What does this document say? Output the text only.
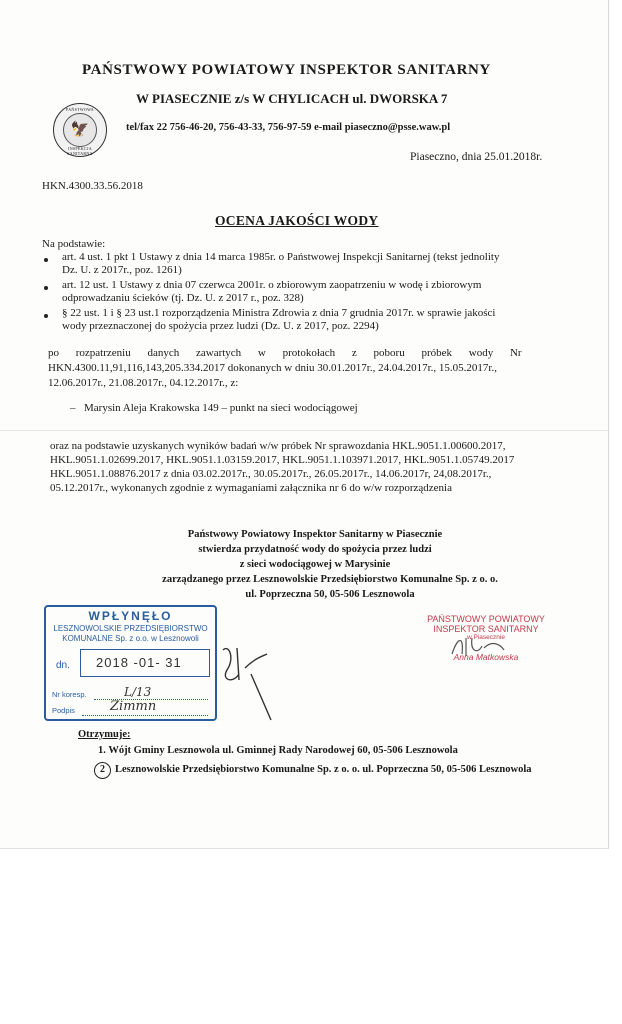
PAŃSTWOWY POWIATOWY INSPEKTOR SANITARNY
W PIASECZNIE z/s W CHYLICACH ul. DWORSKA 7
PAŃSTWOWA
🦅
INSPEKCJA SANITARNA
tel/fax 22 756-46-20, 756-43-33, 756-97-59 e-mail piaseczno@psse.waw.pl
Piaseczno, dnia 25.01.2018r.
HKN.4300.33.56.2018
OCENA JAKOŚCI WODY
Na podstawie:
art. 4 ust. 1 pkt 1 Ustawy z dnia 14 marca 1985r. o Państwowej Inspekcji Sanitarnej (tekst jednolity
Dz. U. z 2017r., poz. 1261)
art. 12 ust. 1 Ustawy z dnia 07 czerwca 2001r. o zbiorowym zaopatrzeniu w wodę i zbiorowym
odprowadzaniu ścieków (tj. Dz. U. z 2017 r., poz. 328)
§ 22 ust. 1 i § 23 ust.1 rozporządzenia Ministra Zdrowia z dnia 7 grudnia 2017r. w sprawie jakości
wody przeznaczonej do spożycia przez ludzi (Dz. U. z 2017, poz. 2294)
po rozpatrzeniu danych zawartych w protokołach z poboru próbek wody Nr
HKN.4300.11,91,116,143,205.334.2017 dokonanych w dniu 30.01.2017r., 24.04.2017r., 15.05.2017r.,
12.06.2017r., 21.08.2017r., 04.12.2017r., z:
– Marysin Aleja Krakowska 149 – punkt na sieci wodociągowej
oraz na podstawie uzyskanych wyników badań w/w próbek Nr sprawozdania HKL.9051.1.00600.2017,
HKL.9051.1.02699.2017, HKL.9051.1.03159.2017, HKL.9051.1.103971.2017, HKL.9051.1.05749.2017
HKL.9051.1.08876.2017 z dnia 03.02.2017r., 30.05.2017r., 26.05.2017r., 14.06.2017r, 24,08.2017r.,
05.12.2017r., wykonanych zgodnie z wymaganiami załącznika nr 6 do w/w rozporządzenia
Państwowy Powiatowy Inspektor Sanitarny w Piasecznie
stwierdza przydatność wody do spożycia przez ludzi
z sieci wodociągowej w Marysinie
zarządzanego przez Lesznowolskie Przedsiębiorstwo Komunalne Sp. z o. o.
ul. Poprzeczna 50, 05-506 Lesznowola
WPŁYNĘŁO
LESZNOWOLSKIE PRZEDSIĘBIORSTWO
KOMUNALNE Sp. z o.o. w Lesznowoli
dn. 2018 -01- 31
Nr koresp.	L/13
Podpis	Zimmn
PAŃSTWOWY POWIATOWY
INSPEKTOR SANITARNY
w Piasecznie
Anna Matkowska
Otrzymuje:
1. Wójt Gminy Lesznowola ul. Gminnej Rady Narodowej 60, 05-506 Lesznowola
2 Lesznowolskie Przedsiębiorstwo Komunalne Sp. z o. o. ul. Poprzeczna 50, 05-506 Lesznowola
